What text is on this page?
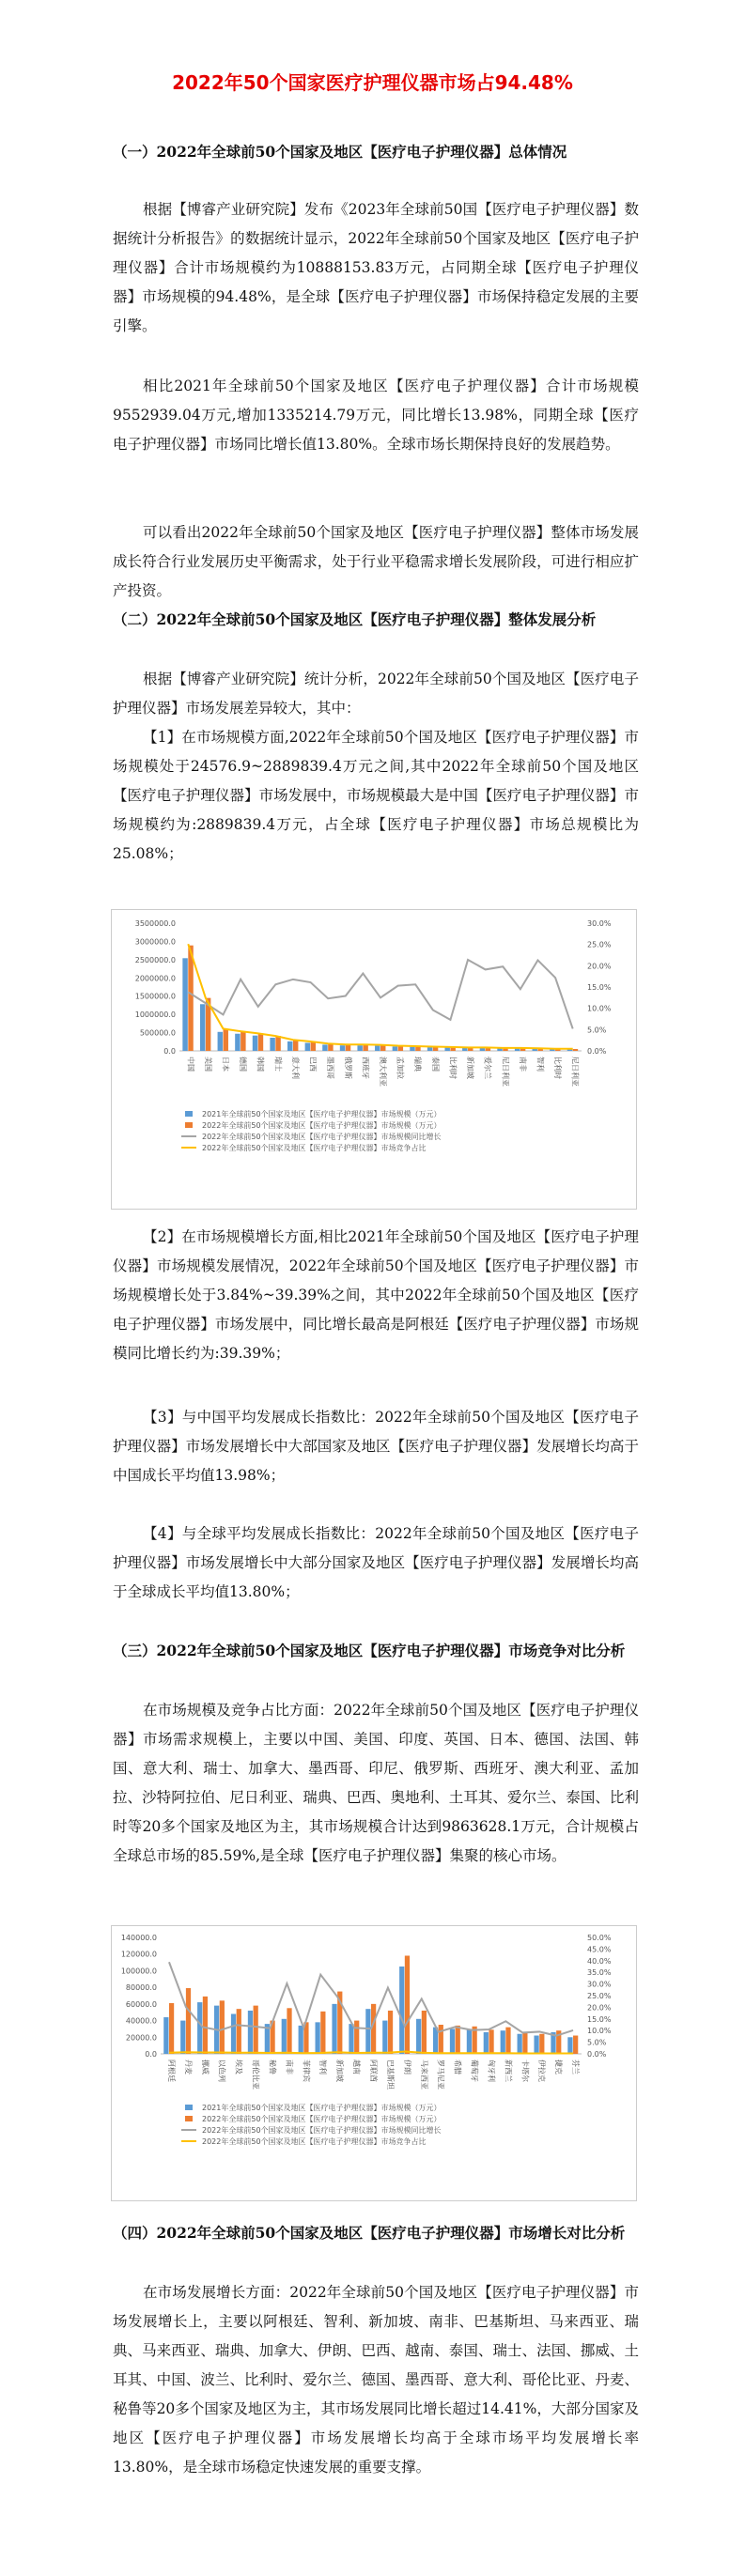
2022年50个国家医疗护理仪器市场占94.48%
（一）2022年全球前50个国家及地区【医疗电子护理仪器】总体情况
根据【博睿产业研究院】发布《2023年全球前50国【医疗电子护理仪器】数据统计分析报告》的数据统计显示，2022年全球前50个国家及地区【医疗电子护理仪器】合计市场规模约为10888153.83万元，占同期全球【医疗电子护理仪器】市场规模的94.48%，是全球【医疗电子护理仪器】市场保持稳定发展的主要引擎。
相比2021年全球前50个国家及地区【医疗电子护理仪器】合计市场规模9552939.04万元,增加1335214.79万元，同比增长13.98%，同期全球【医疗电子护理仪器】市场同比增长值13.80%。全球市场长期保持良好的发展趋势。
可以看出2022年全球前50个国家及地区【医疗电子护理仪器】整体市场发展成长符合行业发展历史平衡需求，处于行业平稳需求增长发展阶段，可进行相应扩产投资。
（二）2022年全球前50个国家及地区【医疗电子护理仪器】整体发展分析
根据【博睿产业研究院】统计分析，2022年全球前50个国及地区【医疗电子护理仪器】市场发展差异较大，其中：
【1】在市场规模方面,2022年全球前50个国及地区【医疗电子护理仪器】市场规模处于24576.9~2889839.4万元之间,其中2022年全球前50个国及地区【医疗电子护理仪器】市场发展中，市场规模最大是中国【医疗电子护理仪器】市场规模约为:2889839.4万元，占全球【医疗电子护理仪器】市场总规模比为25.08%；
3500000.0
3000000.0
2500000.0
2000000.0
1500000.0
1000000.0
500000.0
0.0
30.0%
25.0%
20.0%
15.0%
10.0%
5.0%
0.0%
中国 美国 日本 德国 韩国 瑞士 意大利 巴西 墨西哥 俄罗斯 西班牙 澳大利亚 孟加拉 瑞典 泰国 比利时 新加坡 爱尔兰 尼日利亚 南非 智利 比利时 尼日利亚
2021年全球前50个国家及地区【医疗电子护理仪器】市场规模（万元）
2022年全球前50个国家及地区【医疗电子护理仪器】市场规模（万元）
2022年全球前50个国家及地区【医疗电子护理仪器】市场规模同比增长
2022年全球前50个国家及地区【医疗电子护理仪器】市场竞争占比
【2】在市场规模增长方面,相比2021年全球前50个国及地区【医疗电子护理仪器】市场规模发展情况，2022年全球前50个国及地区【医疗电子护理仪器】市场规模增长处于3.84%~39.39%之间，其中2022年全球前50个国及地区【医疗电子护理仪器】市场发展中，同比增长最高是阿根廷【医疗电子护理仪器】市场规模同比增长约为:39.39%；
【3】与中国平均发展成长指数比：2022年全球前50个国及地区【医疗电子护理仪器】市场发展增长中大部国家及地区【医疗电子护理仪器】发展增长均高于中国成长平均值13.98%；
【4】与全球平均发展成长指数比：2022年全球前50个国及地区【医疗电子护理仪器】市场发展增长中大部分国家及地区【医疗电子护理仪器】发展增长均高于全球成长平均值13.80%；
（三）2022年全球前50个国家及地区【医疗电子护理仪器】市场竞争对比分析
在市场规模及竞争占比方面：2022年全球前50个国及地区【医疗电子护理仪器】市场需求规模上，主要以中国、美国、印度、英国、日本、德国、法国、韩国、意大利、瑞士、加拿大、墨西哥、印尼、俄罗斯、西班牙、澳大利亚、孟加拉、沙特阿拉伯、尼日利亚、瑞典、巴西、奥地利、土耳其、爱尔兰、泰国、比利时等20多个国家及地区为主，其市场规模合计达到9863628.1万元，合计规模占全球总市场的85.59%,是全球【医疗电子护理仪器】集聚的核心市场。
140000.0
120000.0
100000.0
80000.0
60000.0
40000.0
20000.0
0.0
50.0%
45.0%
40.0%
35.0%
30.0%
25.0%
20.0%
15.0%
10.0%
5.0%
0.0%
阿根廷 丹麦 挪威 以色列 埃及 哥伦比亚 秘鲁 南非 菲律宾 智利 新加坡 越南 阿联酋 巴基斯坦 伊朗 马来西亚 罗马尼亚 希腊 葡萄牙 匈牙利 新西兰 卡塔尔 伊拉克 捷克 芬兰
2021年全球前50个国家及地区【医疗电子护理仪器】市场规模（万元）
2022年全球前50个国家及地区【医疗电子护理仪器】市场规模（万元）
2022年全球前50个国家及地区【医疗电子护理仪器】市场规模同比增长
2022年全球前50个国家及地区【医疗电子护理仪器】市场竞争占比
（四）2022年全球前50个国家及地区【医疗电子护理仪器】市场增长对比分析
在市场发展增长方面：2022年全球前50个国及地区【医疗电子护理仪器】市场发展增长上，主要以阿根廷、智利、新加坡、南非、巴基斯坦、马来西亚、瑞典、马来西亚、瑞典、加拿大、伊朗、巴西、越南、泰国、瑞士、法国、挪威、土耳其、中国、波兰、比利时、爱尔兰、德国、墨西哥、意大利、哥伦比亚、丹麦、秘鲁等20多个国家及地区为主，其市场发展同比增长超过14.41%，大部分国家及地区【医疗电子护理仪器】市场发展增长均高于全球市场平均发展增长率13.80%，是全球市场稳定快速发展的重要支撑。
